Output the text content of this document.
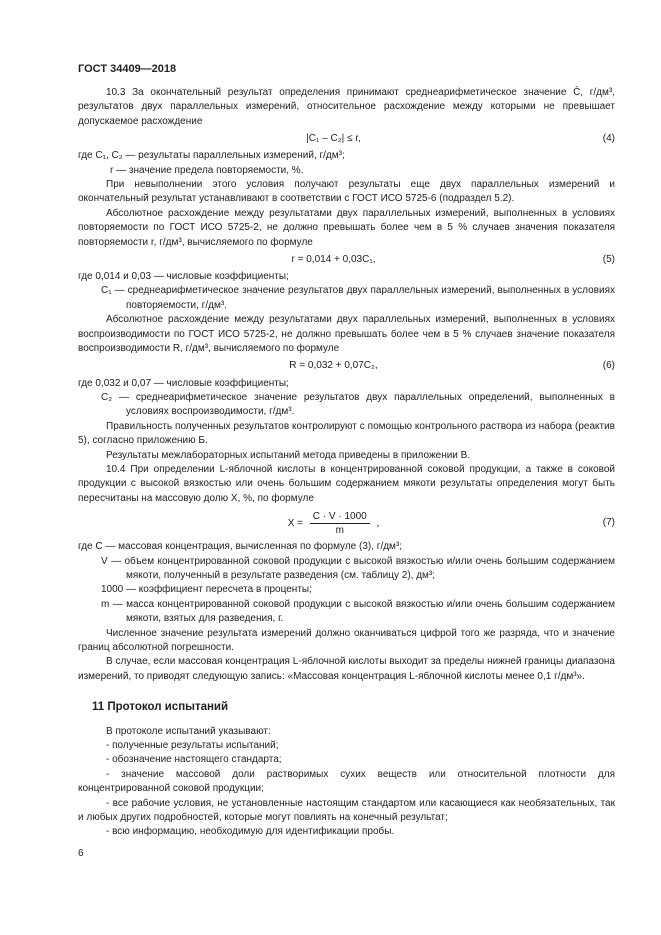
ГОСТ 34409—2018

10.3 За окончательный результат определения принимают среднеарифметическое значение C̄, г/дм³, результатов двух параллельных измерений, относительное расхождение между которыми не превышает допускаемое расхождение

|C₁ – C₂| ≤ r,	(4)

где C₁, C₂ — результаты параллельных измерений, г/дм³;

r — значение предела повторяемости, %.

При невыполнении этого условия получают результаты еще двух параллельных измерений и окончательный результат устанавливают в соответствии с ГОСТ ИСО 5725-6 (подраздел 5.2).

Абсолютное расхождение между результатами двух параллельных измерений, выполненных в условиях повторяемости по ГОСТ ИСО 5725-2, не должно превышать более чем в 5 % случаев значения показателя повторяемости r, г/дм³, вычисляемого по формуле

r = 0,014 + 0,03C₁,	(5)

где 0,014 и 0,03 — числовые коэффициенты;

C₁ — среднеарифметическое значение результатов двух параллельных измерений, выполненных в условиях повторяемости, г/дм³.

Абсолютное расхождение между результатами двух параллельных измерений, выполненных в условиях воспроизводимости по ГОСТ ИСО 5725-2, не должно превышать более чем в 5 % случаев значение показателя воспроизводимости R, г/дм³, вычисляемого по формуле

R = 0,032 + 0,07C₂,	(6)

где 0,032 и 0,07 — числовые коэффициенты;

C₂ — среднеарифметическое значение результатов двух параллельных определений, выполненных в условиях воспроизводимости, г/дм³.

Правильность полученных результатов контролируют с помощью контрольного раствора из набора (реактив 5), согласно приложению Б.

Результаты межлабораторных испытаний метода приведены в приложении В.

10.4 При определении L-яблочной кислоты в концентрированной соковой продукции, а также в соковой продукции с высокой вязкостью или очень большим содержанием мякоти результаты определения могут быть пересчитаны на массовую долю X, %, по формуле

$X = \frac{C \cdot V \cdot 1000}{m}$ ,	(7)

где C — массовая концентрация, вычисленная по формуле (3), г/дм³;

V — объем концентрированной соковой продукции с высокой вязкостью и/или очень большим содержанием мякоти, полученный в результате разведения (см. таблицу 2), дм³;

1000 — коэффициент пересчета в проценты;

m — масса концентрированной соковой продукции с высокой вязкостью и/или очень большим содержанием мякоти, взятых для разведения, г.

Численное значение результата измерений должно оканчиваться цифрой того же разряда, что и значение границ абсолютной погрешности.

В случае, если массовая концентрация L-яблочной кислоты выходит за пределы нижней границы диапазона измерений, то приводят следующую запись: «Массовая концентрация L-яблочной кислоты менее 0,1 г/дм³».

11 Протокол испытаний

В протоколе испытаний указывают:

- полученные результаты испытаний;

- обозначение настоящего стандарта;

- значение массовой доли растворимых сухих веществ или относительной плотности для концентрированной соковой продукции;

- все рабочие условия, не установленные настоящим стандартом или касающиеся как необязательных, так и любых других подробностей, которые могут повлиять на конечный результат;

- всю информацию, необходимую для идентификации пробы.

6
